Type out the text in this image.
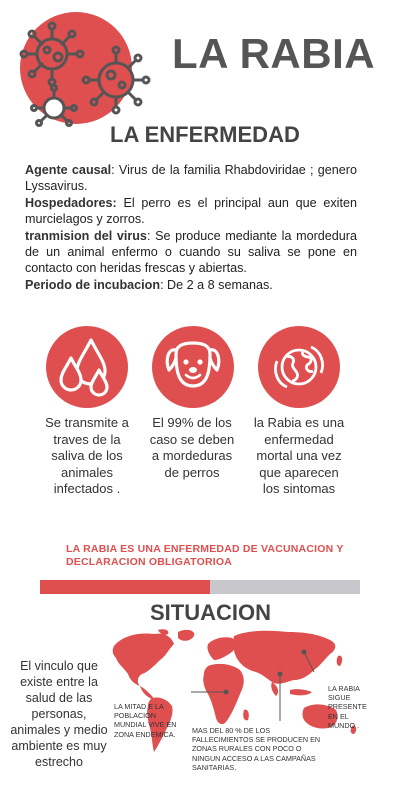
LA RABIA
LA ENFERMEDAD

Agente causal: Virus de la familia Rhabdoviridae ; genero Lyssavirus.

Hospedadores: El perro es el principal aun que exiten murcielagos y zorros.

tranmision del virus: Se produce mediante la mordedura de un animal enfermo o cuando su saliva se pone en contacto con heridas frescas y abiertas.

Periodo de incubacion: De 2 a 8 semanas.

Se transmite a traves de la saliva de los animales infectados .
El 99% de los caso se deben a mordeduras de perros
la Rabia es una enfermedad mortal una vez que aparecen los sintomas
LA RABIA ES UNA ENFERMEDAD DE VACUNACION Y DECLARACION OBLIGATORIOA
SITUACION
El vinculo que existe entre la salud de las personas, animales y medio ambiente es muy estrecho
LA MITAD E LA POBLACION MUNDIAL VIVE EN ZONA ENDEMICA.	MAS DEL 80 % DE LOS FALLECIMIENTOS SE PRODUCEN EN ZONAS RURALES CON POCO O NINGUN ACCESO A LAS CAMPAÑAS SANITARIAS.
LA RABIA SIGUE PRESENTE EN EL MUNDO .
